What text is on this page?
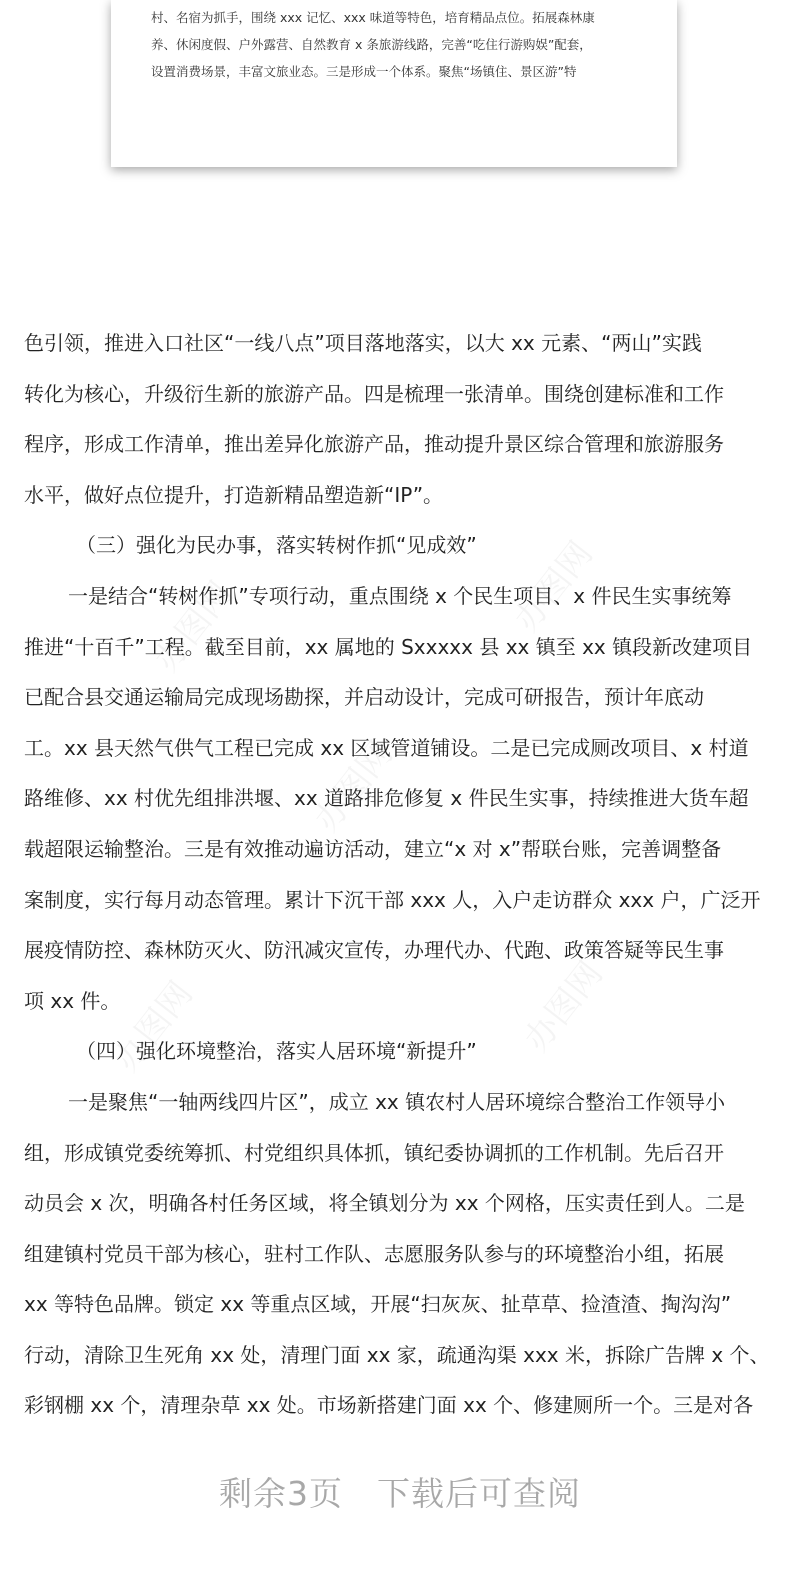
村、名宿为抓手，围绕 xxx 记忆、xxx 味道等特色，培育精品点位。拓展森林康

养、休闲度假、户外露营、自然教育 x 条旅游线路，完善“吃住行游购娱”配套，

设置消费场景，丰富文旅业态。三是形成一个体系。聚焦“场镇住、景区游”特

色引领，推进入口社区“一线八点”项目落地落实，以大 xx 元素、“两山”实践

转化为核心，升级衍生新的旅游产品。四是梳理一张清单。围绕创建标准和工作

程序，形成工作清单，推出差异化旅游产品，推动提升景区综合管理和旅游服务

水平，做好点位提升，打造新精品塑造新“IP”。

（三）强化为民办事，落实转树作抓“见成效”

一是结合“转树作抓”专项行动，重点围绕 x 个民生项目、x 件民生实事统筹

推进“十百千”工程。截至目前，xx 属地的 Sxxxxx 县 xx 镇至 xx 镇段新改建项目

已配合县交通运输局完成现场勘探，并启动设计，完成可研报告，预计年底动

工。xx 县天然气供气工程已完成 xx 区域管道铺设。二是已完成厕改项目、x 村道

路维修、xx 村优先组排洪堰、xx 道路排危修复 x 件民生实事，持续推进大货车超

载超限运输整治。三是有效推动遍访活动，建立“x 对 x”帮联台账，完善调整备

案制度，实行每月动态管理。累计下沉干部 xxx 人，入户走访群众 xxx 户，广泛开

展疫情防控、森林防灭火、防汛减灾宣传，办理代办、代跑、政策答疑等民生事

项 xx 件。

（四）强化环境整治，落实人居环境“新提升”

一是聚焦“一轴两线四片区”，成立 xx 镇农村人居环境综合整治工作领导小

组，形成镇党委统筹抓、村党组织具体抓，镇纪委协调抓的工作机制。先后召开

动员会 x 次，明确各村任务区域，将全镇划分为 xx 个网格，压实责任到人。二是

组建镇村党员干部为核心，驻村工作队、志愿服务队参与的环境整治小组，拓展

xx 等特色品牌。锁定 xx 等重点区域，开展“扫灰灰、扯草草、捡渣渣、掏沟沟”

行动，清除卫生死角 xx 处，清理门面 xx 家，疏通沟渠 xxx 米，拆除广告牌 x 个、

彩钢棚 xx 个，清理杂草 xx 处。市场新搭建门面 xx 个、修建厕所一个。三是对各

剩余3页 下载后可查阅
